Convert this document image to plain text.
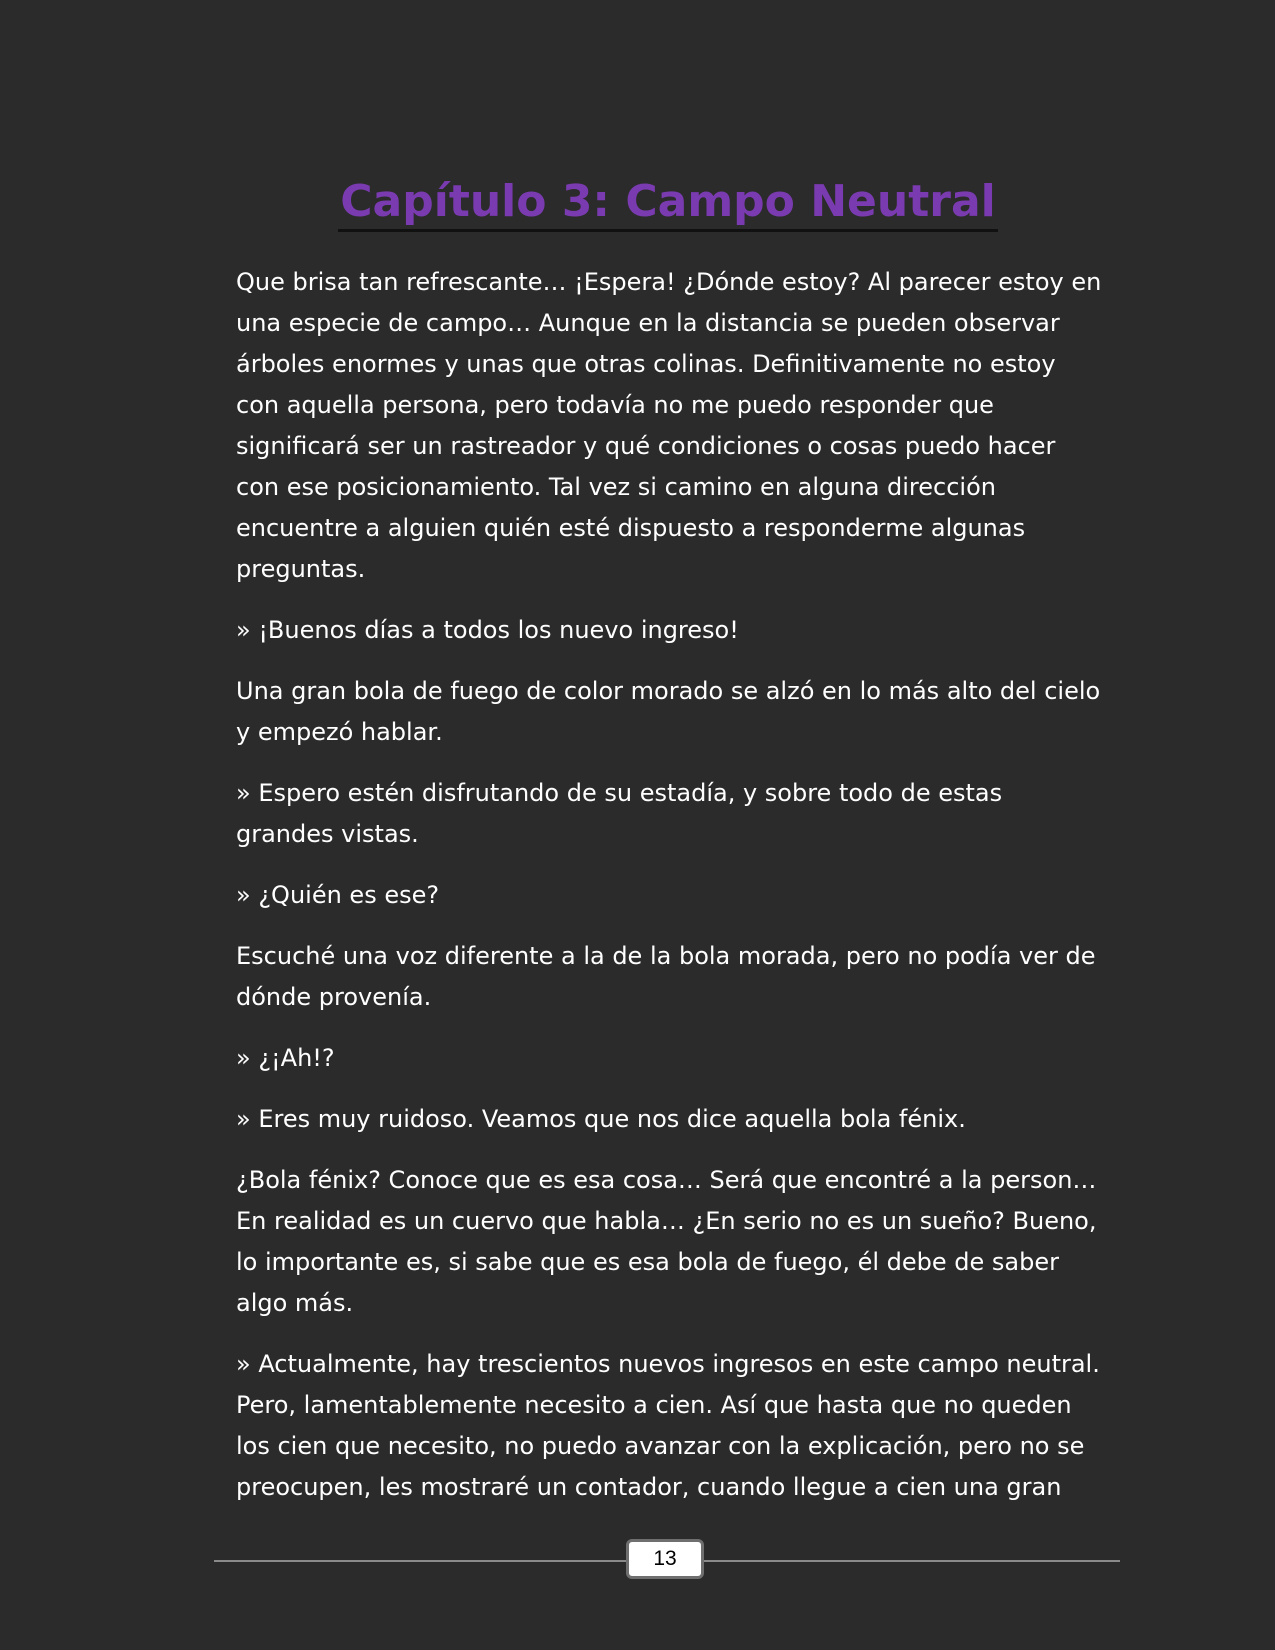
Capítulo 3: Campo Neutral

Que brisa tan refrescante… ¡Espera! ¿Dónde estoy? Al parecer estoy en una especie de campo… Aunque en la distancia se pueden observar árboles enormes y unas que otras colinas. Definitivamente no estoy con aquella persona, pero todavía no me puedo responder que significará ser un rastreador y qué condiciones o cosas puedo hacer con ese posicionamiento. Tal vez si camino en alguna dirección encuentre a alguien quién esté dispuesto a responderme algunas preguntas.

» ¡Buenos días a todos los nuevo ingreso!

Una gran bola de fuego de color morado se alzó en lo más alto del cielo y empezó hablar.

» Espero estén disfrutando de su estadía, y sobre todo de estas grandes vistas.

» ¿Quién es ese?

Escuché una voz diferente a la de la bola morada, pero no podía ver de dónde provenía.

» ¿¡Ah!?

» Eres muy ruidoso. Veamos que nos dice aquella bola fénix.

¿Bola fénix? Conoce que es esa cosa… Será que encontré a la person… En realidad es un cuervo que habla… ¿En serio no es un sueño? Bueno, lo importante es, si sabe que es esa bola de fuego, él debe de saber algo más.

» Actualmente, hay trescientos nuevos ingresos en este campo neutral. Pero, lamentablemente necesito a cien. Así que hasta que no queden los cien que necesito, no puedo avanzar con la explicación, pero no se preocupen, les mostraré un contador, cuando llegue a cien una gran

13
